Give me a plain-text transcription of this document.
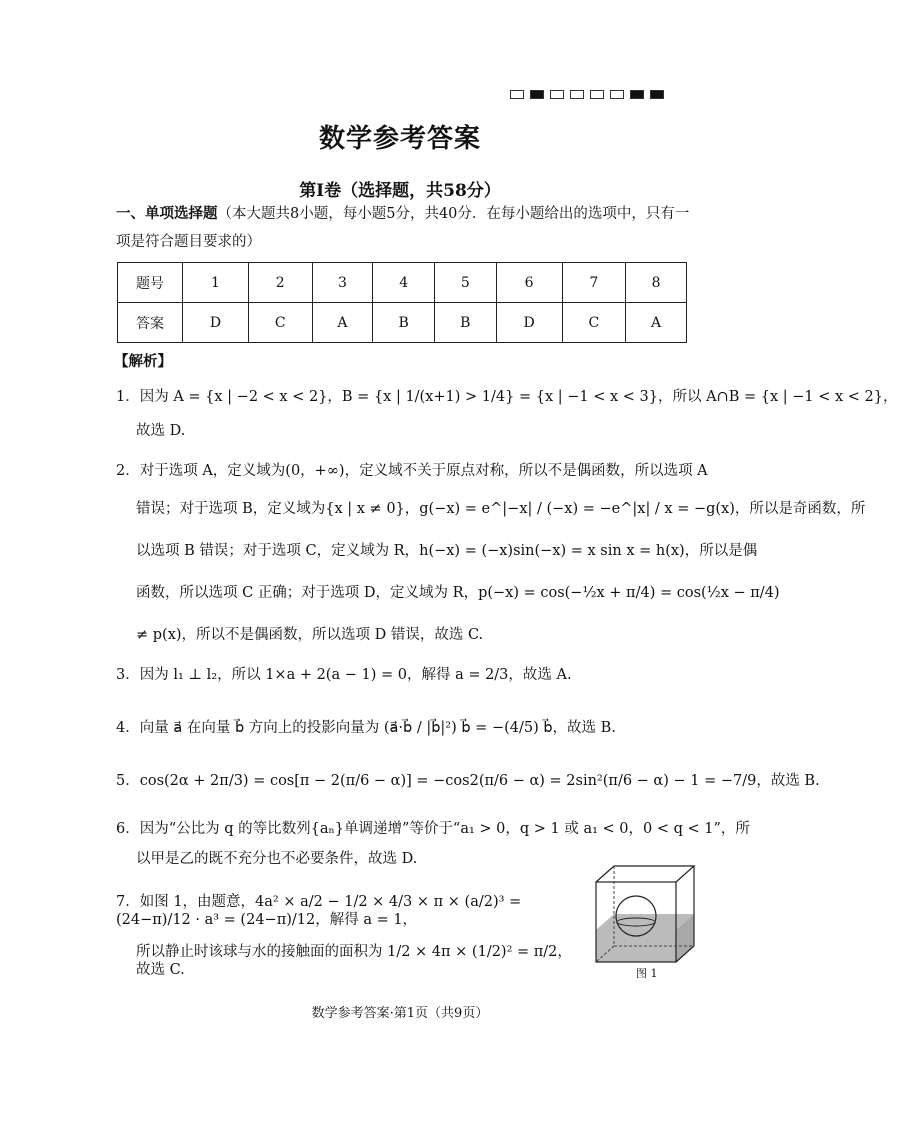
数学参考答案
第Ⅰ卷（选择题，共58分）
一、单项选择题（本大题共8小题，每小题5分，共40分．在每小题给出的选项中，只有一
项是符合题目要求的）
题号	1	2	3	4	5	6	7	8
答案	D	C	A	B	B	D	C	A
【解析】
1．因为 A = {x | −2 < x < 2}，B = {x | 1/(x+1) > 1/4} = {x | −1 < x < 3}，所以 A∩B = {x | −1 < x < 2}，
故选 D.
2．对于选项 A，定义域为(0，+∞)，定义域不关于原点对称，所以不是偶函数，所以选项 A
错误；对于选项 B，定义域为{x | x ≠ 0}，g(−x) = e^|−x| / (−x) = −e^|x| / x = −g(x)，所以是奇函数，所
以选项 B 错误；对于选项 C，定义域为 R，h(−x) = (−x)sin(−x) = x sin x = h(x)，所以是偶
函数，所以选项 C 正确；对于选项 D，定义域为 R，p(−x) = cos(−½x + π/4) = cos(½x − π/4)
≠ p(x)，所以不是偶函数，所以选项 D 错误，故选 C.
3．因为 l₁ ⊥ l₂，所以 1×a + 2(a − 1) = 0，解得 a = 2/3，故选 A.
4．向量 a⃗ 在向量 b⃗ 方向上的投影向量为 (a⃗·b⃗ / |b⃗|²) b⃗ = −(4/5) b⃗，故选 B.
5．cos(2α + 2π/3) = cos[π − 2(π/6 − α)] = −cos2(π/6 − α) = 2sin²(π/6 − α) − 1 = −7/9，故选 B.
6．因为“公比为 q 的等比数列{aₙ}单调递增”等价于“a₁ > 0，q > 1 或 a₁ < 0，0 < q < 1”，所
以甲是乙的既不充分也不必要条件，故选 D.
7．如图 1，由题意，4a² × a/2 − 1/2 × 4/3 × π × (a/2)³ = (24−π)/12 · a³ = (24−π)/12，解得 a = 1，
所以静止时该球与水的接触面的面积为 1/2 × 4π × (1/2)² = π/2，故选 C.	图 1
数学参考答案·第1页（共9页）
